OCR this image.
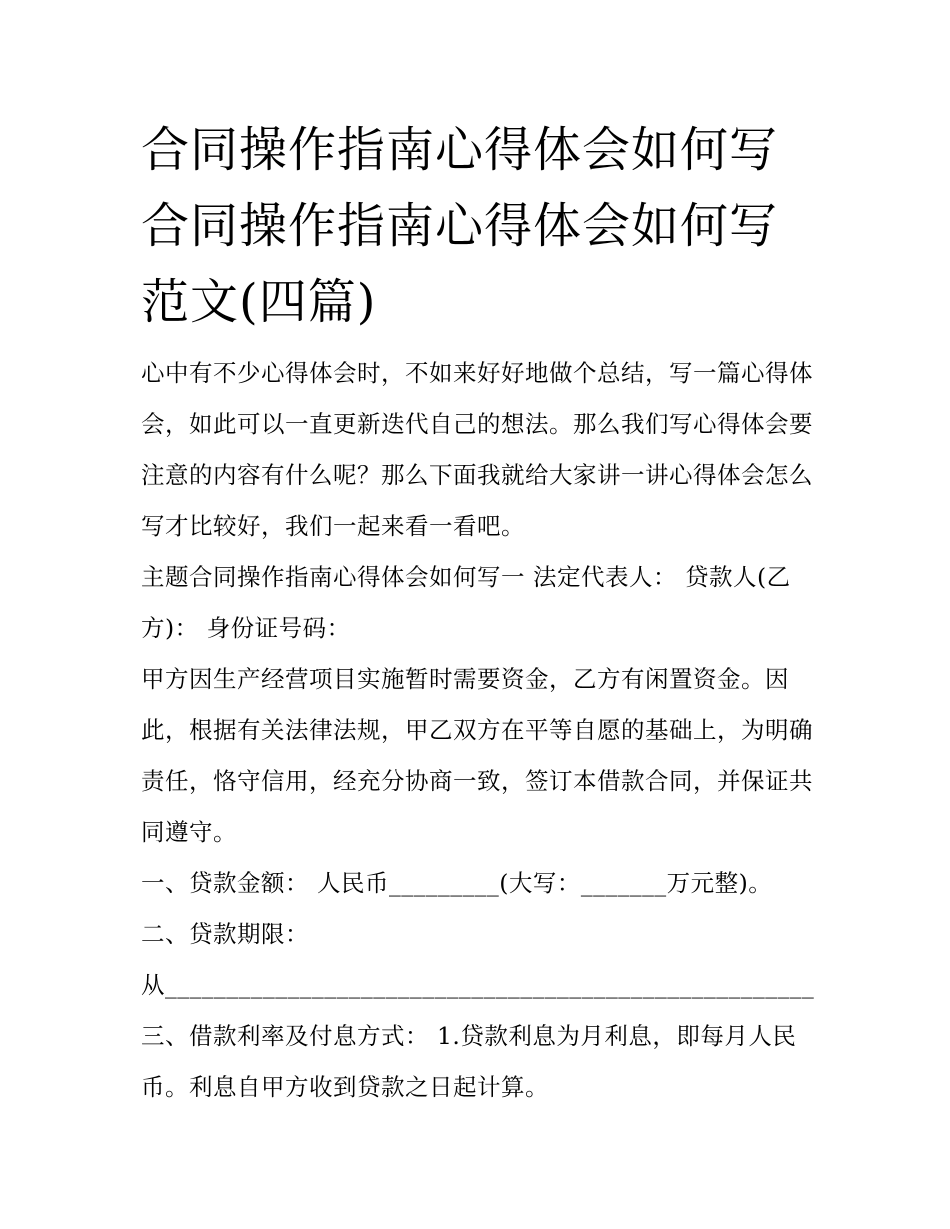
合同操作指南心得体会如何写
合同操作指南心得体会如何写
范文(四篇)

心中有不少心得体会时，不如来好好地做个总结，写一篇心得体会，如此可以一直更新迭代自己的想法。那么我们写心得体会要注意的内容有什么呢？那么下面我就给大家讲一讲心得体会怎么写才比较好，我们一起来看一看吧。

主题合同操作指南心得体会如何写一 法定代表人： 贷款人(乙方)： 身份证号码：

甲方因生产经营项目实施暂时需要资金，乙方有闲置资金。因此，根据有关法律法规，甲乙双方在平等自愿的基础上，为明确责任，恪守信用，经充分协商一致，签订本借款合同，并保证共同遵守。

一、贷款金额： 人民币_________(大写：_______万元整)。

二、贷款期限：

从_____________________________________________________

三、借款利率及付息方式： 1.贷款利息为月利息，即每月人民币。利息自甲方收到贷款之日起计算。
